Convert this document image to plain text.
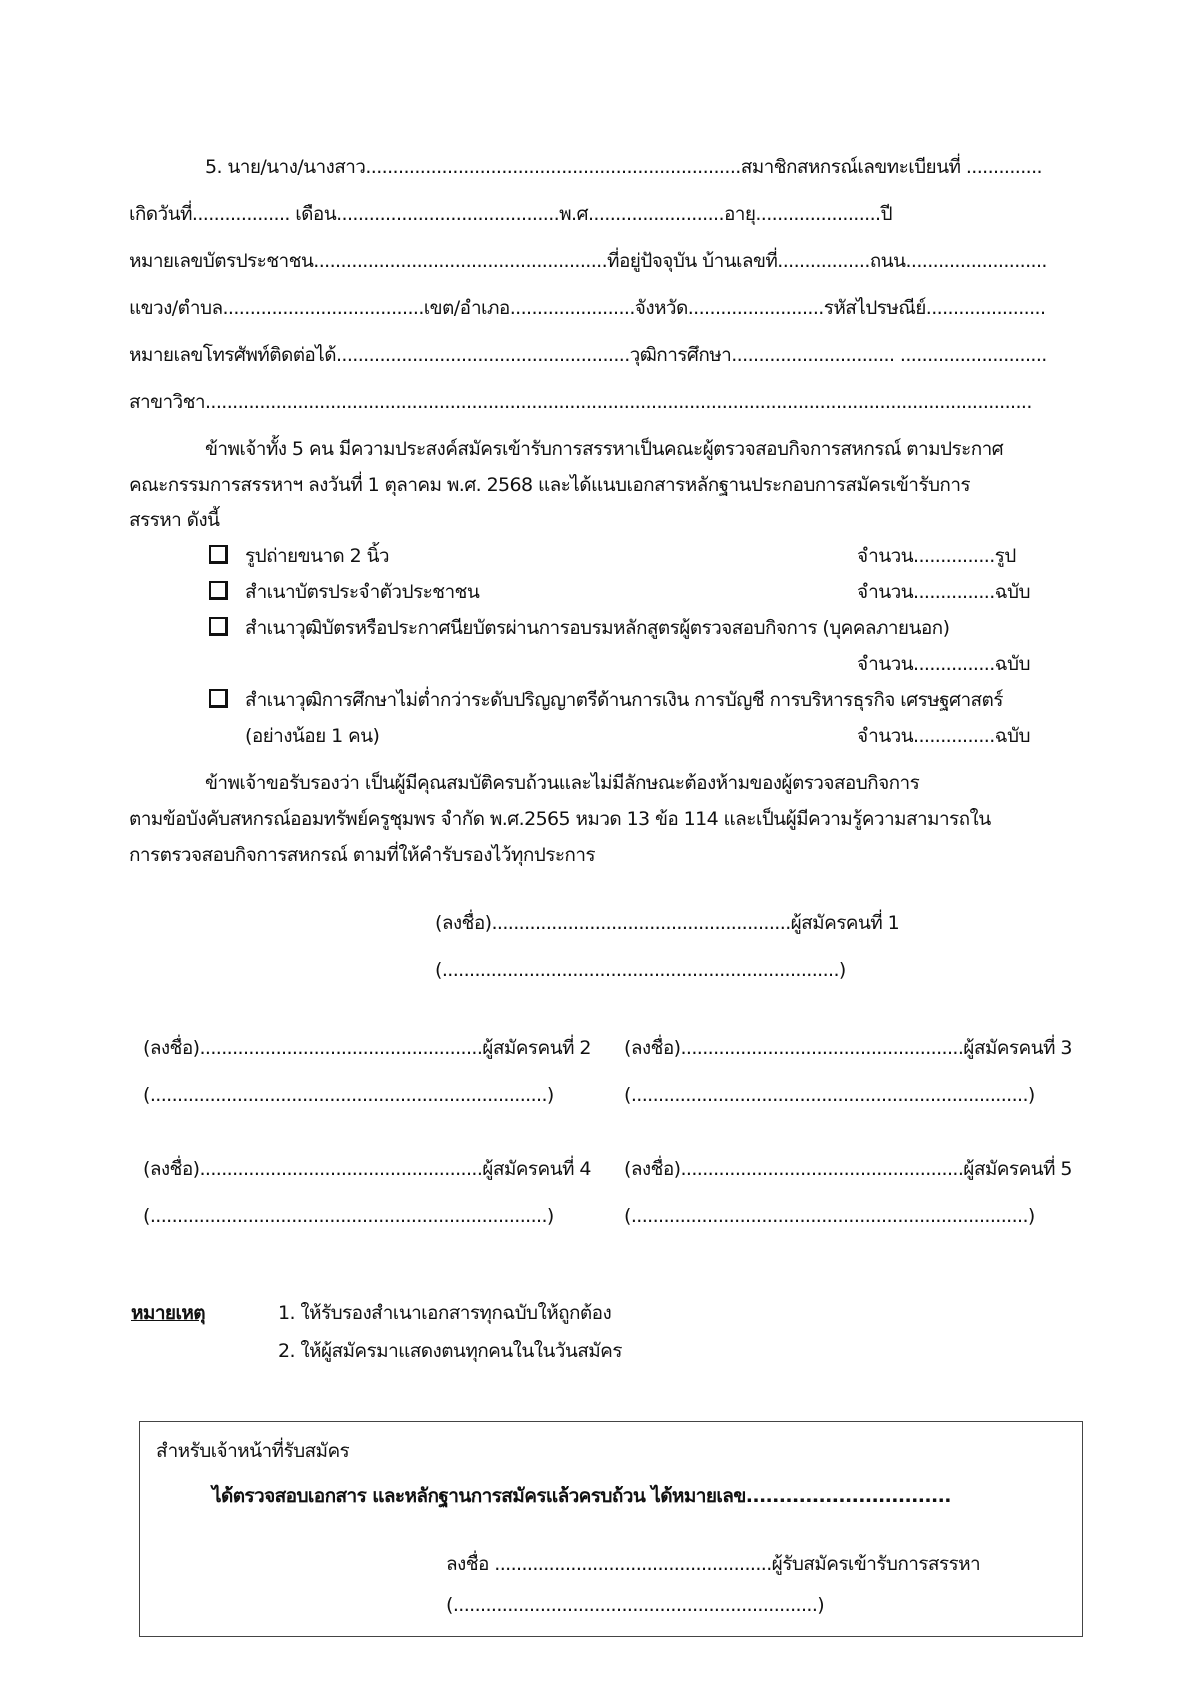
5. นาย/นาง/นางสาว.....................................................................สมาชิกสหกรณ์เลขทะเบียนที่ ..............
เกิดวันที่.................. เดือน.........................................พ.ศ.........................อายุ.......................ปี
หมายเลขบัตรประชาชน......................................................ที่อยู่ปัจจุบัน บ้านเลขที่.................ถนน..........................
แขวง/ตำบล.....................................เขต/อำเภอ.......................จังหวัด.........................รหัสไปรษณีย์......................
หมายเลขโทรศัพท์ติดต่อได้......................................................วุฒิการศึกษา.............................. ...........................
สาขาวิชา........................................................................................................................................................
ข้าพเจ้าทั้ง 5 คน มีความประสงค์สมัครเข้ารับการสรรหาเป็นคณะผู้ตรวจสอบกิจการสหกรณ์ ตามประกาศ
คณะกรรมการสรรหาฯ ลงวันที่ 1 ตุลาคม พ.ศ. 2568 และได้แนบเอกสารหลักฐานประกอบการสมัครเข้ารับการ
สรรหา ดังนี้
รูปถ่ายขนาด 2 นิ้ว	จำนวน...............รูป
สำเนาบัตรประจำตัวประชาชน	จำนวน...............ฉบับ
สำเนาวุฒิบัตรหรือประกาศนียบัตรผ่านการอบรมหลักสูตรผู้ตรวจสอบกิจการ (บุคคลภายนอก)
จำนวน...............ฉบับ
สำเนาวุฒิการศึกษาไม่ต่ำกว่าระดับปริญญาตรีด้านการเงิน การบัญชี การบริหารธุรกิจ เศรษฐศาสตร์
(อย่างน้อย 1 คน)	จำนวน...............ฉบับ
ข้าพเจ้าขอรับรองว่า เป็นผู้มีคุณสมบัติครบถ้วนและไม่มีลักษณะต้องห้ามของผู้ตรวจสอบกิจการ
ตามข้อบังคับสหกรณ์ออมทรัพย์ครูชุมพร จำกัด พ.ศ.2565 หมวด 13 ข้อ 114 และเป็นผู้มีความรู้ความสามารถใน
การตรวจสอบกิจการสหกรณ์ ตามที่ให้คำรับรองไว้ทุกประการ
(ลงชื่อ).......................................................ผู้สมัครคนที่ 1
(.........................................................................)
(ลงชื่อ)....................................................ผู้สมัครคนที่ 2
(.........................................................................)
(ลงชื่อ)....................................................ผู้สมัครคนที่ 3
(.........................................................................)
(ลงชื่อ)....................................................ผู้สมัครคนที่ 4
(.........................................................................)
(ลงชื่อ)....................................................ผู้สมัครคนที่ 5
(.........................................................................)
หมายเหตุ	1. ให้รับรองสำเนาเอกสารทุกฉบับให้ถูกต้อง
2. ให้ผู้สมัครมาแสดงตนทุกคนในในวันสมัคร
สำหรับเจ้าหน้าที่รับสมัคร
ได้ตรวจสอบเอกสาร และหลักฐานการสมัครแล้วครบถ้วน ได้หมายเลข...............................
ลงชื่อ ...................................................ผู้รับสมัครเข้ารับการสรรหา
(...................................................................)
